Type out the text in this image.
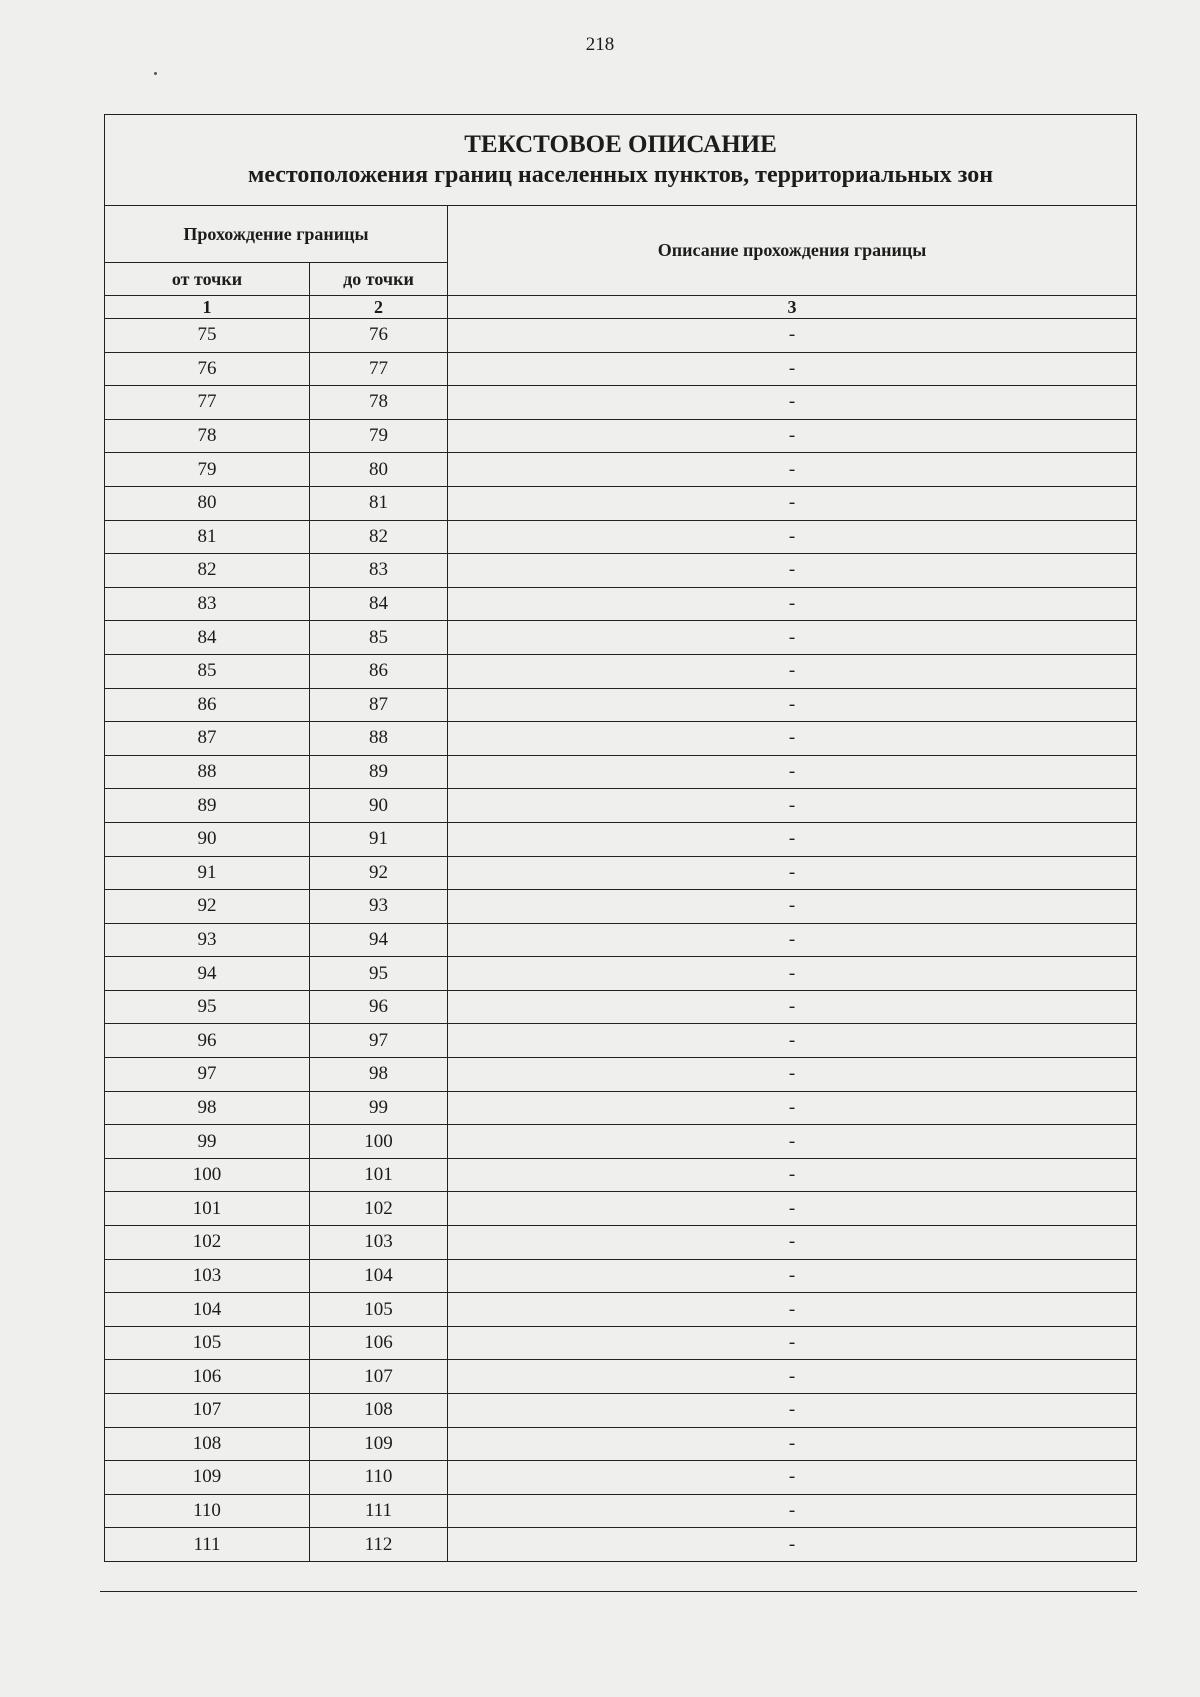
218
ТЕКСТОВОЕ ОПИСАНИЕ
местоположения границ населенных пунктов, территориальных зон		

Прохождение границы		Описание прохождения границы
от точки	до точки	
1	2	3
75	76	-
76	77	-
77	78	-
78	79	-
79	80	-
80	81	-
81	82	-
82	83	-
83	84	-
84	85	-
85	86	-
86	87	-
87	88	-
88	89	-
89	90	-
90	91	-
91	92	-
92	93	-
93	94	-
94	95	-
95	96	-
96	97	-
97	98	-
98	99	-
99	100	-
100	101	-
101	102	-
102	103	-
103	104	-
104	105	-
105	106	-
106	107	-
107	108	-
108	109	-
109	110	-
110	111	-
111	112	-
